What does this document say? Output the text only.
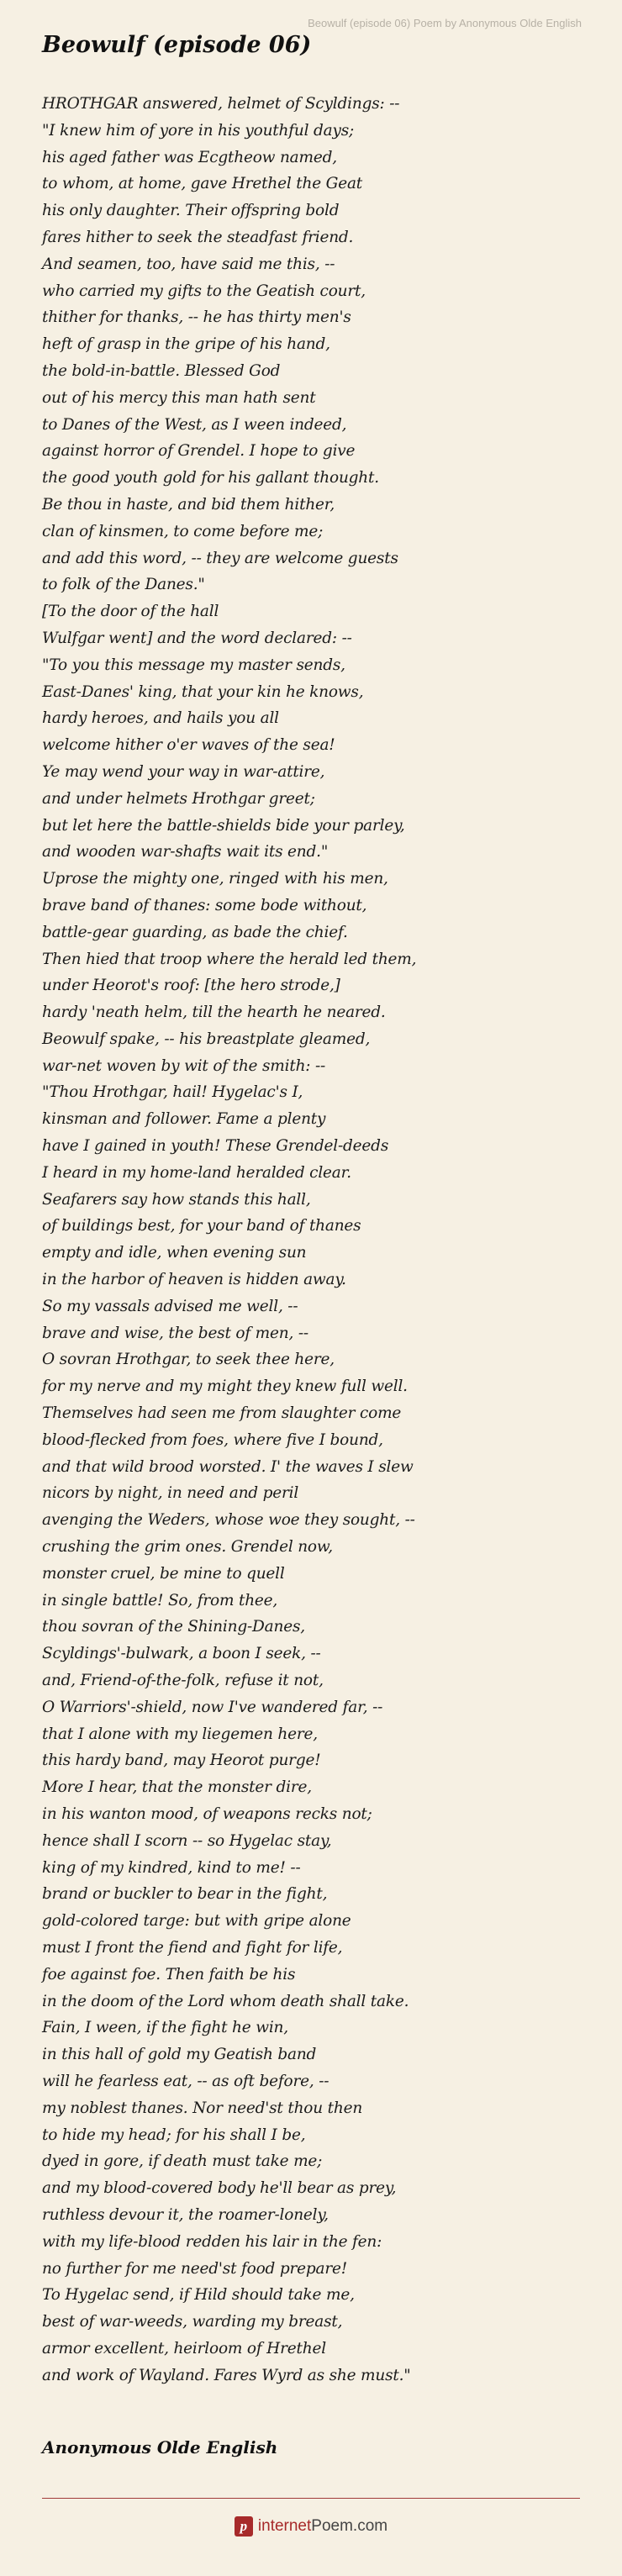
Beowulf (episode 06) Poem by Anonymous Olde English
Beowulf (episode 06)
HROTHGAR answered, helmet of Scyldings: --
"I knew him of yore in his youthful days;
his aged father was Ecgtheow named,
to whom, at home, gave Hrethel the Geat
his only daughter. Their offspring bold
fares hither to seek the steadfast friend.
And seamen, too, have said me this, --
who carried my gifts to the Geatish court,
thither for thanks, -- he has thirty men's
heft of grasp in the gripe of his hand,
the bold-in-battle. Blessed God
out of his mercy this man hath sent
to Danes of the West, as I ween indeed,
against horror of Grendel. I hope to give
the good youth gold for his gallant thought.
Be thou in haste, and bid them hither,
clan of kinsmen, to come before me;
and add this word, -- they are welcome guests
to folk of the Danes."
[To the door of the hall
Wulfgar went] and the word declared: --
"To you this message my master sends,
East-Danes' king, that your kin he knows,
hardy heroes, and hails you all
welcome hither o'er waves of the sea!
Ye may wend your way in war-attire,
and under helmets Hrothgar greet;
but let here the battle-shields bide your parley,
and wooden war-shafts wait its end."
Uprose the mighty one, ringed with his men,
brave band of thanes: some bode without,
battle-gear guarding, as bade the chief.
Then hied that troop where the herald led them,
under Heorot's roof: [the hero strode,]
hardy 'neath helm, till the hearth he neared.
Beowulf spake, -- his breastplate gleamed,
war-net woven by wit of the smith: --
"Thou Hrothgar, hail! Hygelac's I,
kinsman and follower. Fame a plenty
have I gained in youth! These Grendel-deeds
I heard in my home-land heralded clear.
Seafarers say how stands this hall,
of buildings best, for your band of thanes
empty and idle, when evening sun
in the harbor of heaven is hidden away.
So my vassals advised me well, --
brave and wise, the best of men, --
O sovran Hrothgar, to seek thee here,
for my nerve and my might they knew full well.
Themselves had seen me from slaughter come
blood-flecked from foes, where five I bound,
and that wild brood worsted. I' the waves I slew
nicors by night, in need and peril
avenging the Weders, whose woe they sought, --
crushing the grim ones. Grendel now,
monster cruel, be mine to quell
in single battle! So, from thee,
thou sovran of the Shining-Danes,
Scyldings'-bulwark, a boon I seek, --
and, Friend-of-the-folk, refuse it not,
O Warriors'-shield, now I've wandered far, --
that I alone with my liegemen here,
this hardy band, may Heorot purge!
More I hear, that the monster dire,
in his wanton mood, of weapons recks not;
hence shall I scorn -- so Hygelac stay,
king of my kindred, kind to me! --
brand or buckler to bear in the fight,
gold-colored targe: but with gripe alone
must I front the fiend and fight for life,
foe against foe. Then faith be his
in the doom of the Lord whom death shall take.
Fain, I ween, if the fight he win,
in this hall of gold my Geatish band
will he fearless eat, -- as oft before, --
my noblest thanes. Nor need'st thou then
to hide my head; for his shall I be,
dyed in gore, if death must take me;
and my blood-covered body he'll bear as prey,
ruthless devour it, the roamer-lonely,
with my life-blood redden his lair in the fen:
no further for me need'st food prepare!
To Hygelac send, if Hild should take me,
best of war-weeds, warding my breast,
armor excellent, heirloom of Hrethel
and work of Wayland. Fares Wyrd as she must."
Anonymous Olde English
p internet Poem.com
